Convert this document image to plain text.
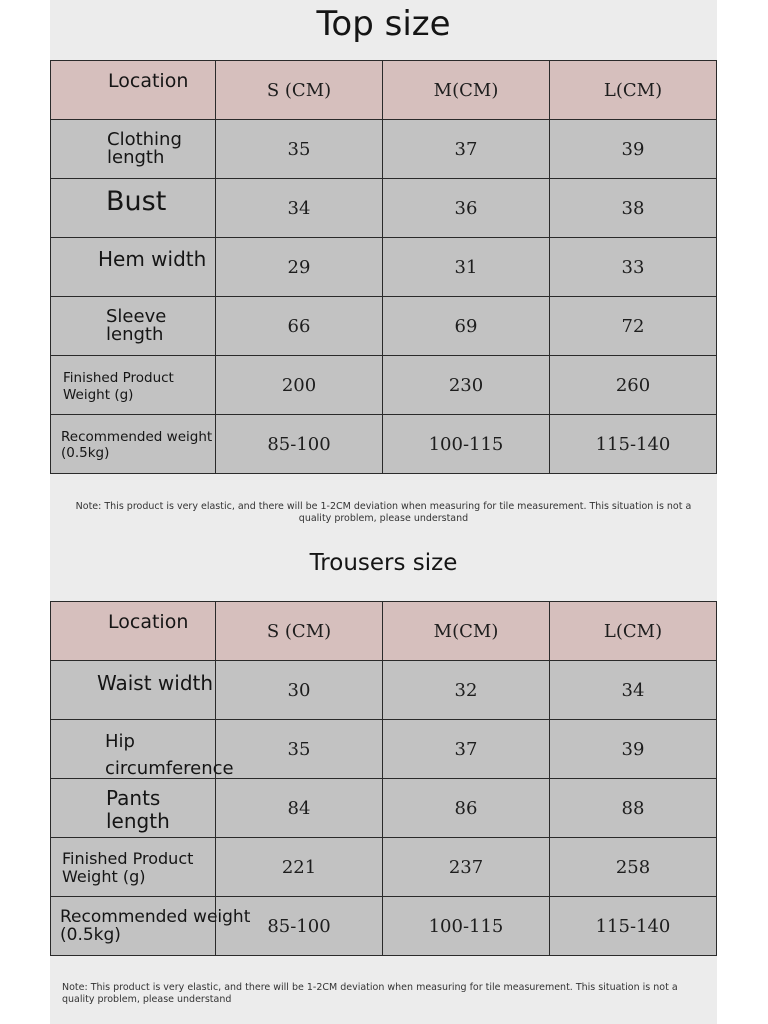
Top size
Location	S (CM)	M(CM)	L(CM)

Clothing length	35	37	39

Bust	34	36	38

Hem width	29	31	33

Sleeve length	66	69	72

Finished Product Weight (g)	200	230	260

Recommended weight (0.5kg)	85-100	100-115	115-140
Note: This product is very elastic, and there will be 1-2CM deviation when measuring for tile measurement. This situation is not a quality problem, please understand
Trousers size
Location	S (CM)	M(CM)	L(CM)

Waist width	30	32	34

Hip circumference	35	37	39

Pants length	84	86	88

Finished Product Weight (g)	221	237	258

Recommended weight (0.5kg)	85-100	100-115	115-140
Note: This product is very elastic, and there will be 1-2CM deviation when measuring for tile measurement. This situation is not a quality problem, please understand
